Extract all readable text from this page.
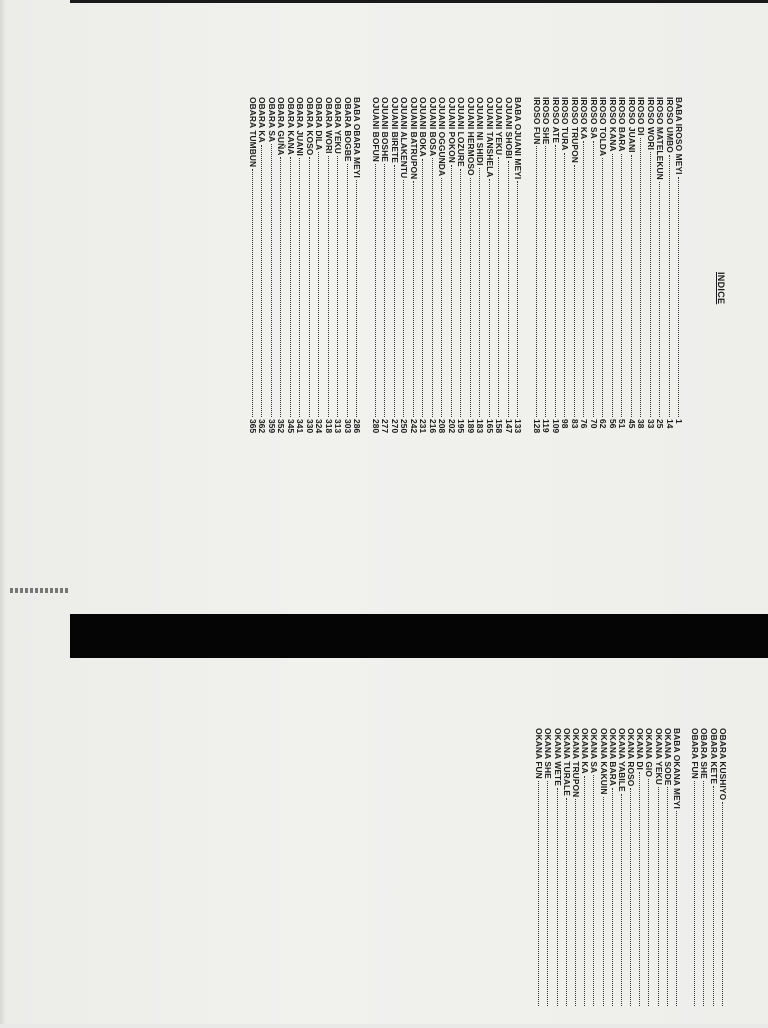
INDICE
BABA IROSO MEYI
1
IROSO UMBO
14
IROSO MATELEKUN
25
IROSO WORI
33
IROSO DI
38
IROSO JUANI
45
IROSO BARA
51
IROSO KANA
56
IROSO TOLDA
62
IROSO SA
70
IROSO KA
76
IROSO TRUPON
83
IROSO TURA
98
IROSO ATE
109
IROSO SHE
119
IROSO FUN
128
BABA OJUANI MEYI
133
OJUANI SHOBI
147
OJUANI YEKU
158
OJUANI TANSHELA
165
OJUANI NI SHIDI
183
OJUANI HERMOSO
189
OJUANI LOZURE
195
OJUANI POKON
202
OJUANI OGGUNDA
208
OJUANI BOSA
216
OJUANI BOKA
231
OJUANI BATRUPON
242
OJUANI ALAKENTU
250
OJUANI BIRETE
270
OJUANI BOSHE
277
OJUANI BOFUN
280
BABA OBARA MEYI
286
OBARA BOGBE
303
OBARA YEKU
313
OBARA WORI
318
OBARA DILA
324
OBARA KOSO
330
OBARA JUANI
341
OBARA KANA
345
OBARA GUÑA
352
OBARA SA
359
OBARA KA
362
OBARA TUMBUN
365
OBARA KUSHIYO
OBARA KETE
OBARA SHE
OBARA FUN
BABA OKANA MEYI
OKANA SODE
OKANA YEKU
OKANA GIO
OKANA DI
OKANA ROSO
OKANA YABILE
OKANA BARA
OKANA KAKUIN
OKANA SA
OKANA KA
OKANA TRUPON
OKANA TURALE
OKANA WETE
OKANA SHE
OKANA FUN
